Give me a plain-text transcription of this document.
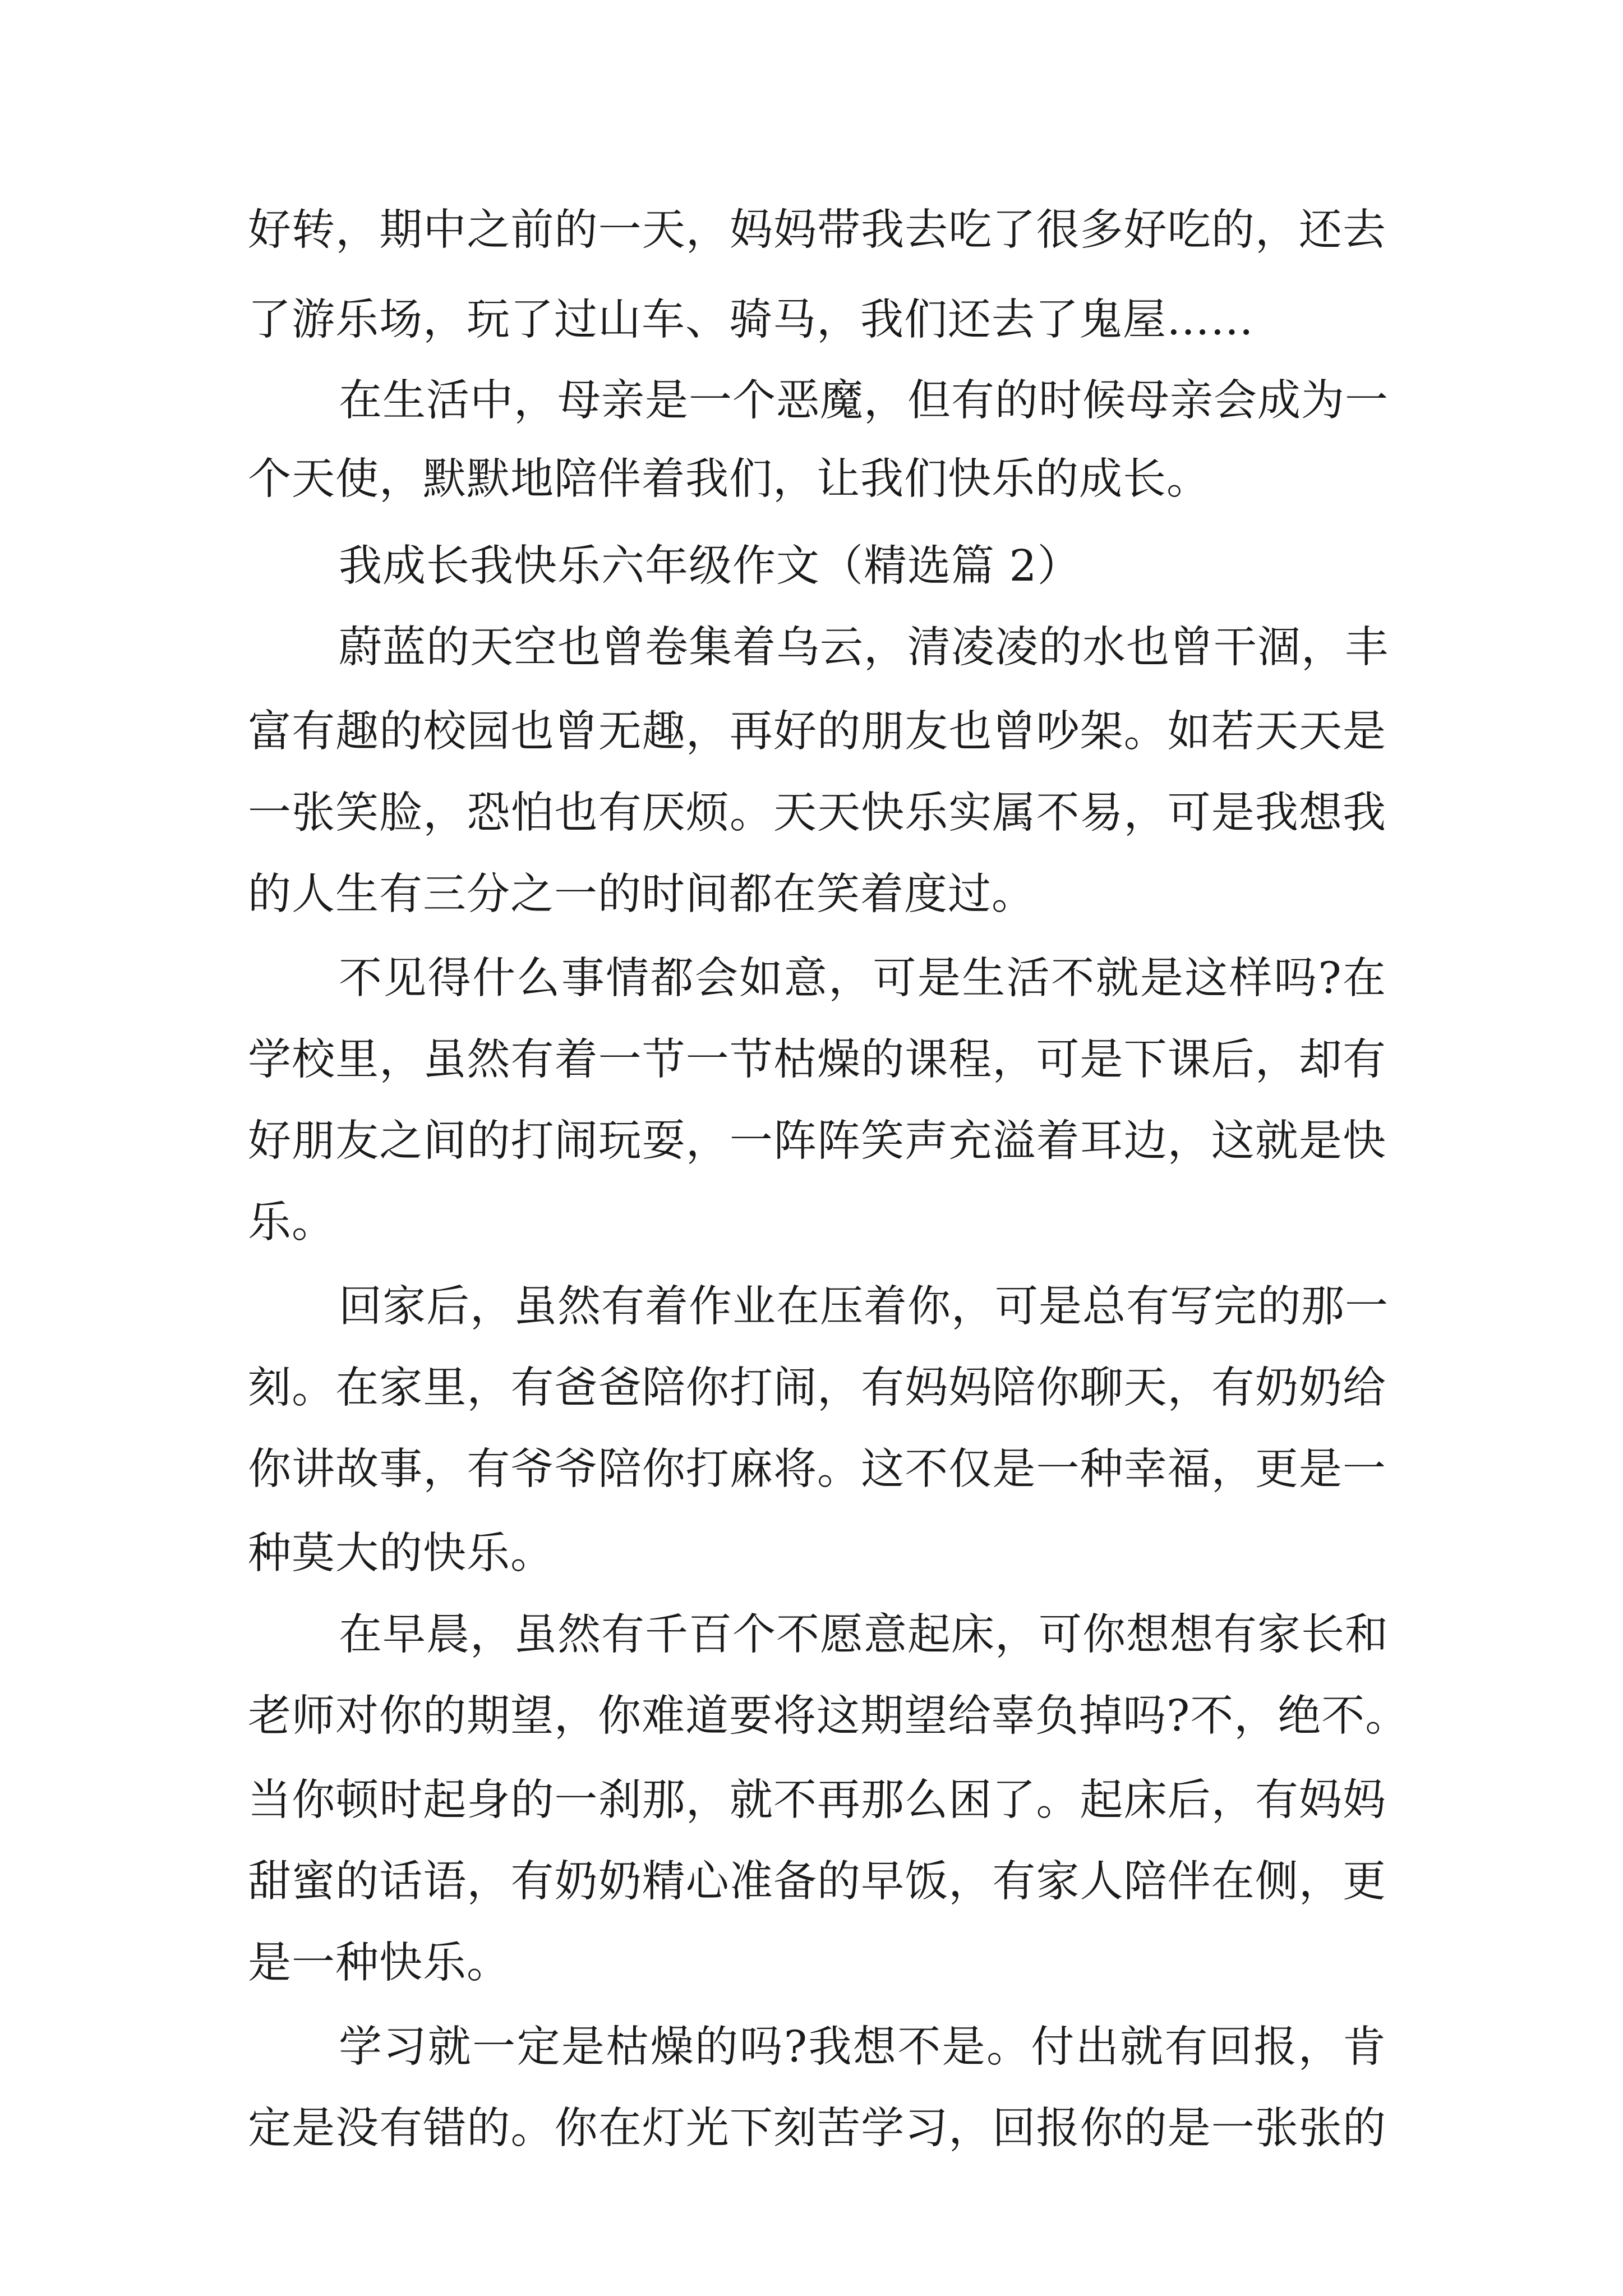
好转，期中之前的一天，妈妈带我去吃了很多好吃的，还去
了游乐场，玩了过山车、骑马，我们还去了鬼屋……
在生活中，母亲是一个恶魔，但有的时候母亲会成为一
个天使，默默地陪伴着我们，让我们快乐的成长。
我成长我快乐六年级作文（精选篇 2）
蔚蓝的天空也曾卷集着乌云，清凌凌的水也曾干涸，丰
富有趣的校园也曾无趣，再好的朋友也曾吵架。如若天天是
一张笑脸，恐怕也有厌烦。天天快乐实属不易，可是我想我
的人生有三分之一的时间都在笑着度过。
不见得什么事情都会如意，可是生活不就是这样吗?在
学校里，虽然有着一节一节枯燥的课程，可是下课后，却有
好朋友之间的打闹玩耍，一阵阵笑声充溢着耳边，这就是快
乐。
回家后，虽然有着作业在压着你，可是总有写完的那一
刻。在家里，有爸爸陪你打闹，有妈妈陪你聊天，有奶奶给
你讲故事，有爷爷陪你打麻将。这不仅是一种幸福，更是一
种莫大的快乐。
在早晨，虽然有千百个不愿意起床，可你想想有家长和
老师对你的期望，你难道要将这期望给辜负掉吗?不，绝不。
当你顿时起身的一刹那，就不再那么困了。起床后，有妈妈
甜蜜的话语，有奶奶精心准备的早饭，有家人陪伴在侧，更
是一种快乐。
学习就一定是枯燥的吗?我想不是。付出就有回报，肯
定是没有错的。你在灯光下刻苦学习，回报你的是一张张的
